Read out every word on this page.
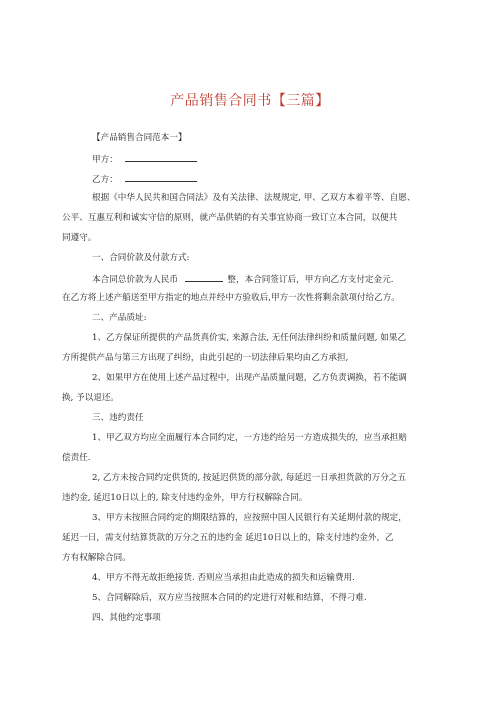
产品销售合同书【三篇】
【产品销售合同范本一】
甲方：
乙方：
根据《中华人民共和国合同法》及有关法律、法规规定, 甲、乙双方本着平等、自愿、
公平、互惠互利和诚实守信的原则，就产品供销的有关事宜协商一致订立本合同，以便共
同遵守。
一、合同价款及付款方式:
本合同总价款为人民币	整，本合同签订后，甲方向乙方支付定金元.
在乙方将上述产船送至甲方指定的地点并经中方验收后,甲方一次性将剩余款项付给乙方。
二、产品质址:
1、乙方保证所提供的产品货真价实, 来源合法, 无任何法律纠纷和质量问题, 如果乙
方所提供产品与第三方出现了纠纷，由此引起的一切法律后果均由乙方承担,
2、如果甲方在使用上述产品过程中，出现产品质量问题，乙方负责调换，若不能调
换, 予以退还。
三、违约责任
1、甲乙双方均应全面履行本合同约定，一方违约给另一方造成损失的，应当承担赔
偿责任.
2, 乙方未按合同约定供货的, 按延迟供货的部分款, 每延迟一日承担货款的万分之五
违约金, 延迟10日以上的, 除支付违约金外，甲方行权解除合同。
3、甲方未按照合同约定的期限结算的，应按照中国人民银行有关延期付款的规定，
延迟一日，需支付结算货款的万分之五的违约金 延迟10日以上的，除支付违约金外，乙
方有权解除合同。
4、甲方不得无故拒绝接货. 否则应当承担由此造成的损失和运输费用.
5、合同解除后，双方应当按照本合同的约定进行对帐和结算，不得刁难.
四、其他约定事项
